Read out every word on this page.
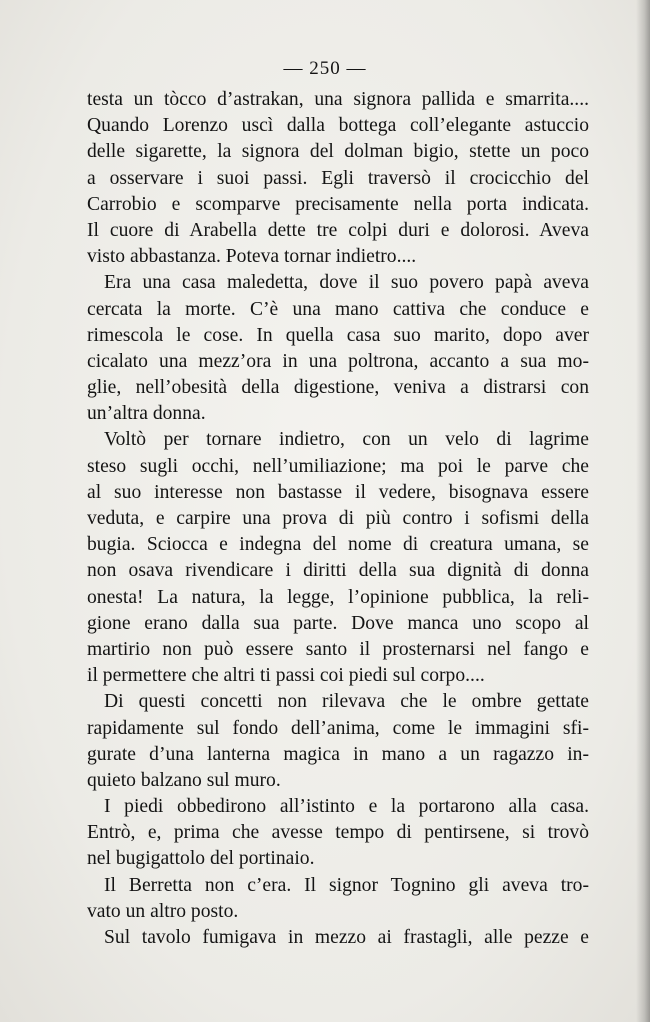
— 250 —
testa un tòcco d’astrakan, una signora pallida e smarrita....
Quando Lorenzo uscì dalla bottega coll’elegante astuccio
delle sigarette, la signora del dolman bigio, stette un poco
a osservare i suoi passi. Egli traversò il crocicchio del
Carrobio e scomparve precisamente nella porta indicata.
Il cuore di Arabella dette tre colpi duri e dolorosi. Aveva
visto abbastanza. Poteva tornar indietro....
Era una casa maledetta, dove il suo povero papà aveva
cercata la morte. C’è una mano cattiva che conduce e
rimescola le cose. In quella casa suo marito, dopo aver
cicalato una mezz’ora in una poltrona, accanto a sua mo-
glie, nell’obesità della digestione, veniva a distrarsi con
un’altra donna.
Voltò per tornare indietro, con un velo di lagrime
steso sugli occhi, nell’umiliazione; ma poi le parve che
al suo interesse non bastasse il vedere, bisognava essere
veduta, e carpire una prova di più contro i sofismi della
bugia. Sciocca e indegna del nome di creatura umana, se
non osava rivendicare i diritti della sua dignità di donna
onesta! La natura, la legge, l’opinione pubblica, la reli-
gione erano dalla sua parte. Dove manca uno scopo al
martirio non può essere santo il prosternarsi nel fango e
il permettere che altri ti passi coi piedi sul corpo....
Di questi concetti non rilevava che le ombre gettate
rapidamente sul fondo dell’anima, come le immagini sfi-
gurate d’una lanterna magica in mano a un ragazzo in-
quieto balzano sul muro.
I piedi obbedirono all’istinto e la portarono alla casa.
Entrò, e, prima che avesse tempo di pentirsene, si trovò
nel bugigattolo del portinaio.
Il Berretta non c’era. Il signor Tognino gli aveva tro-
vato un altro posto.
Sul tavolo fumigava in mezzo ai frastagli, alle pezze e
